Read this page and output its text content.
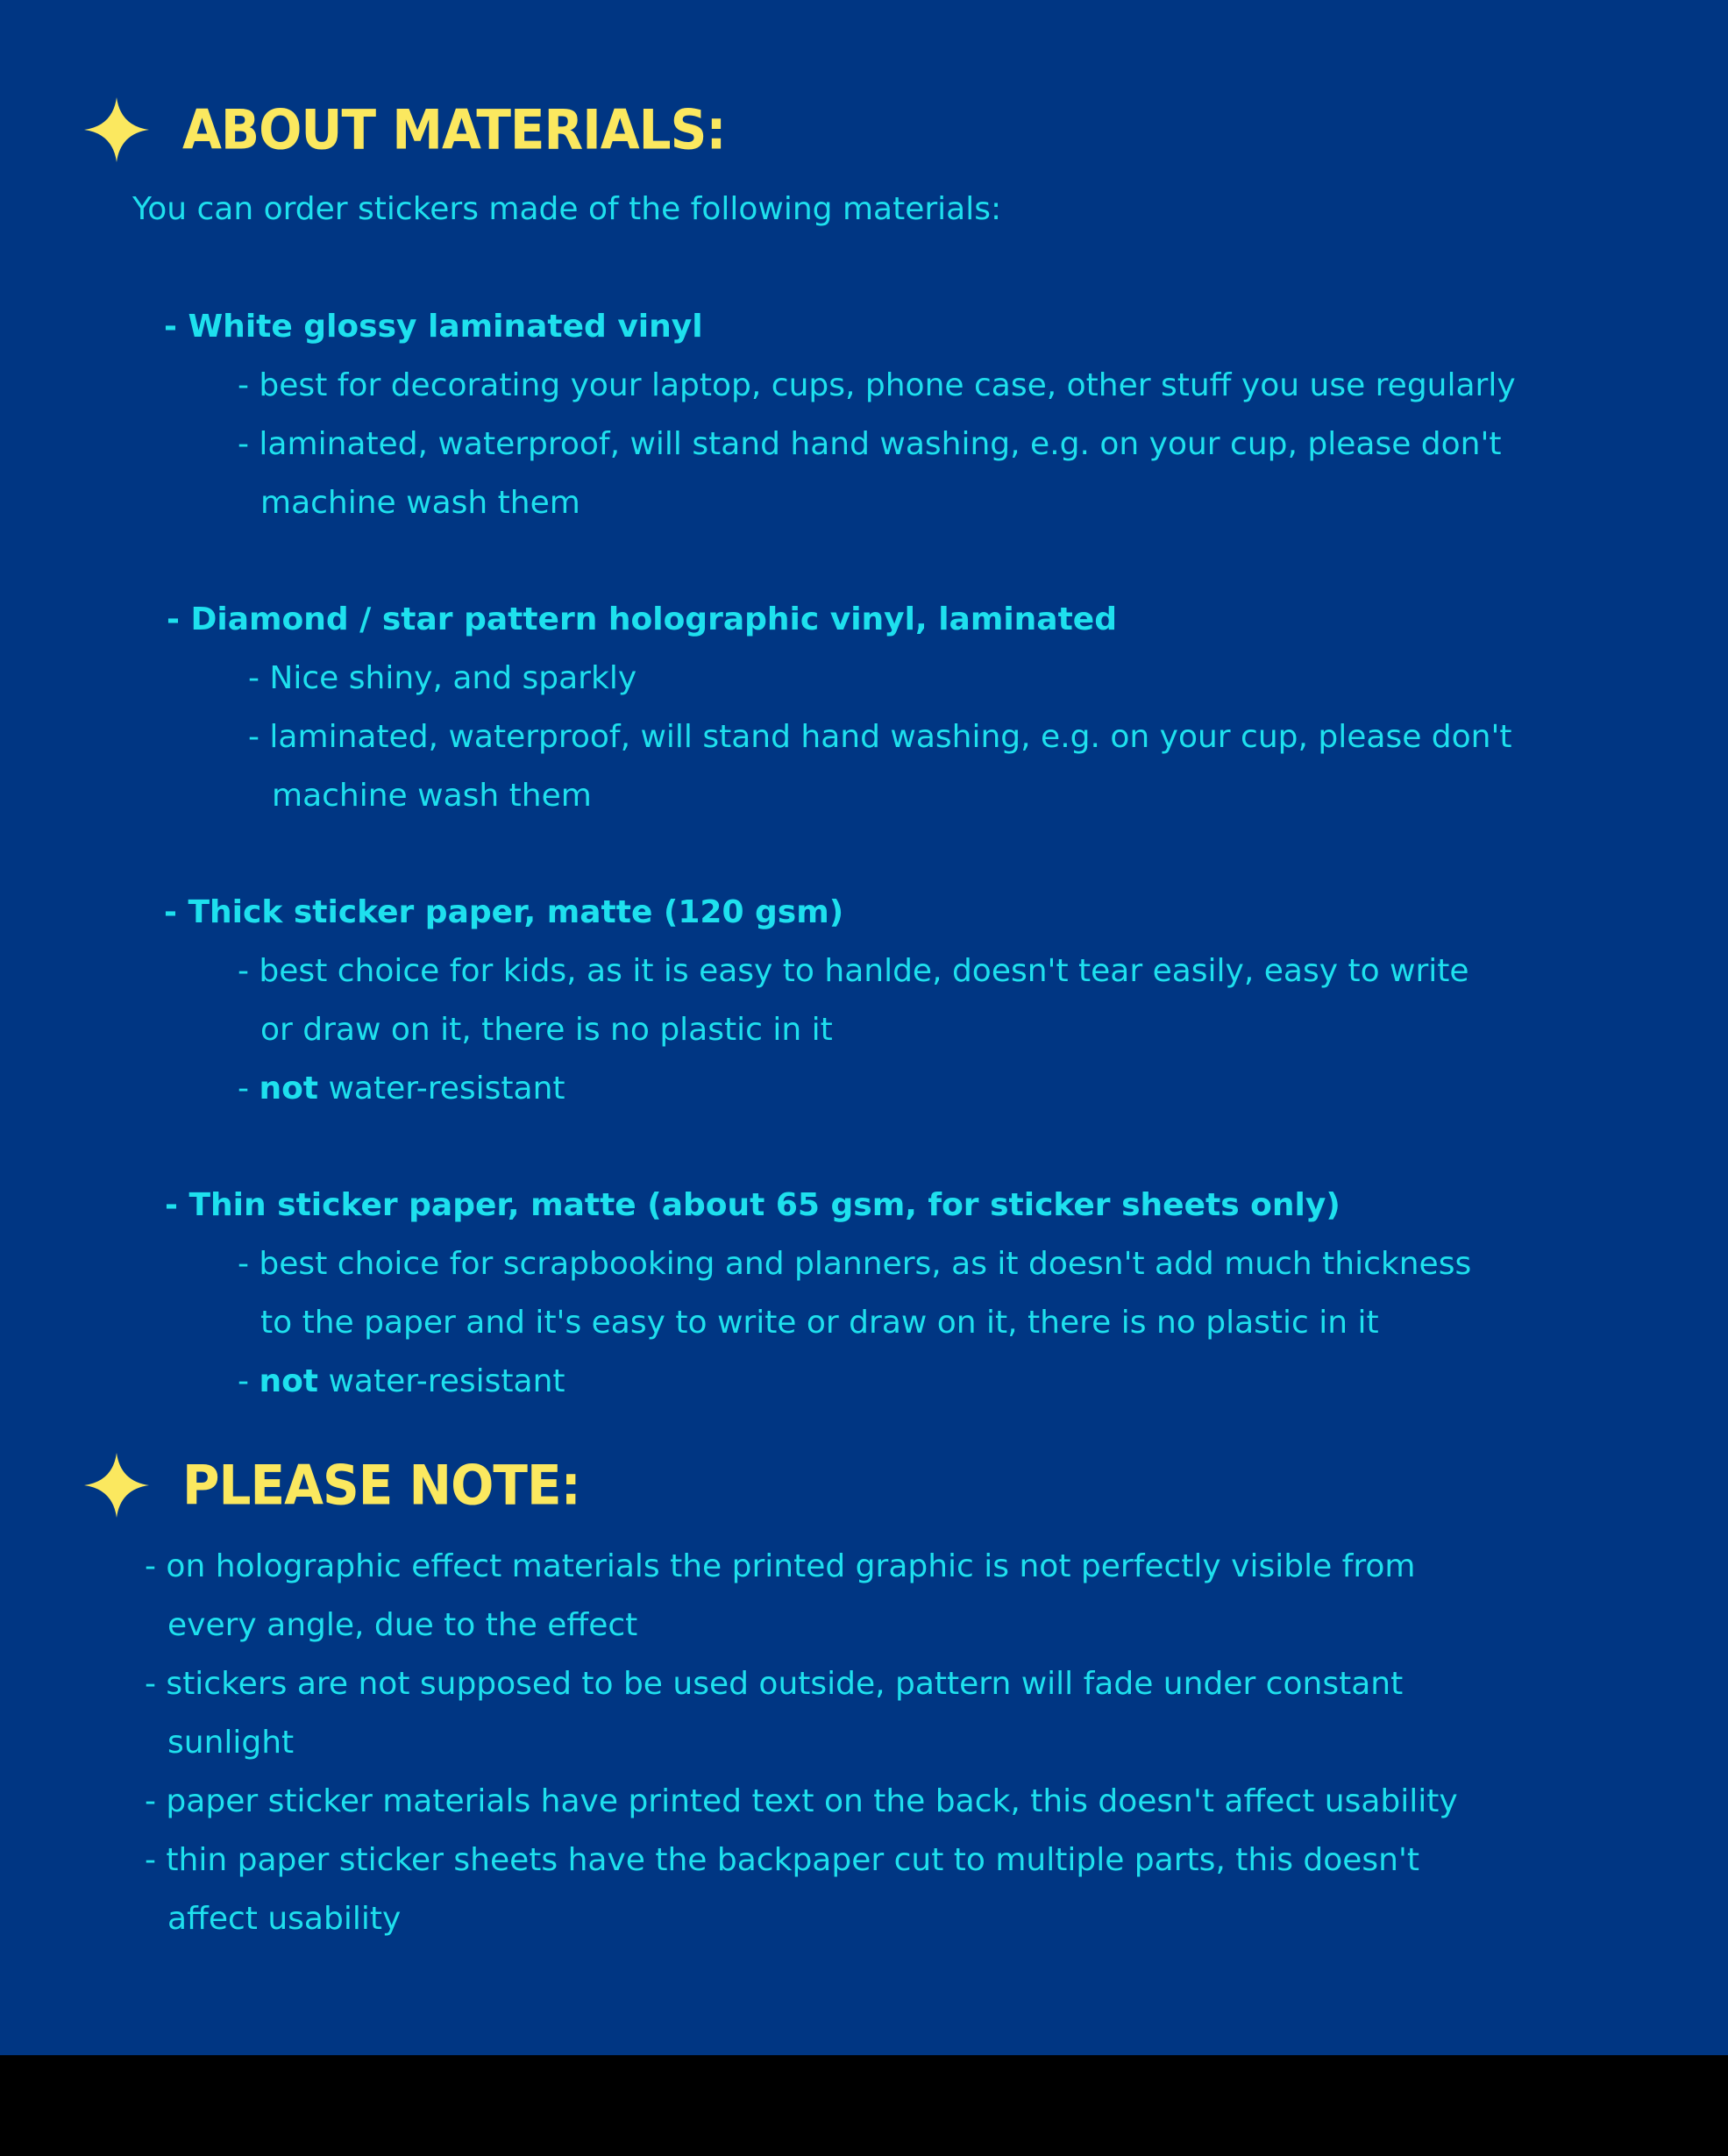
ABOUT MATERIALS:
You can order stickers made of the following materials:
- White glossy laminated vinyl
- best for decorating your laptop, cups, phone case, other stuff you use regularly
- laminated, waterproof, will stand hand washing, e.g. on your cup, please don't
machine wash them
- Diamond / star pattern holographic vinyl, laminated
- Nice shiny, and sparkly
- laminated, waterproof, will stand hand washing, e.g. on your cup, please don't
machine wash them
- Thick sticker paper, matte (120 gsm)
- best choice for kids, as it is easy to hanlde, doesn't tear easily, easy to write
or draw on it, there is no plastic in it
- not water-resistant
- Thin sticker paper, matte (about 65 gsm, for sticker sheets only)
- best choice for scrapbooking and planners, as it doesn't add much thickness
to the paper and it's easy to write or draw on it, there is no plastic in it
- not water-resistant
PLEASE NOTE:
- on holographic effect materials the printed graphic is not perfectly visible from
every angle, due to the effect
- stickers are not supposed to be used outside, pattern will fade under constant
sunlight
- paper sticker materials have printed text on the back, this doesn't affect usability
- thin paper sticker sheets have the backpaper cut to multiple parts, this doesn't
affect usability
